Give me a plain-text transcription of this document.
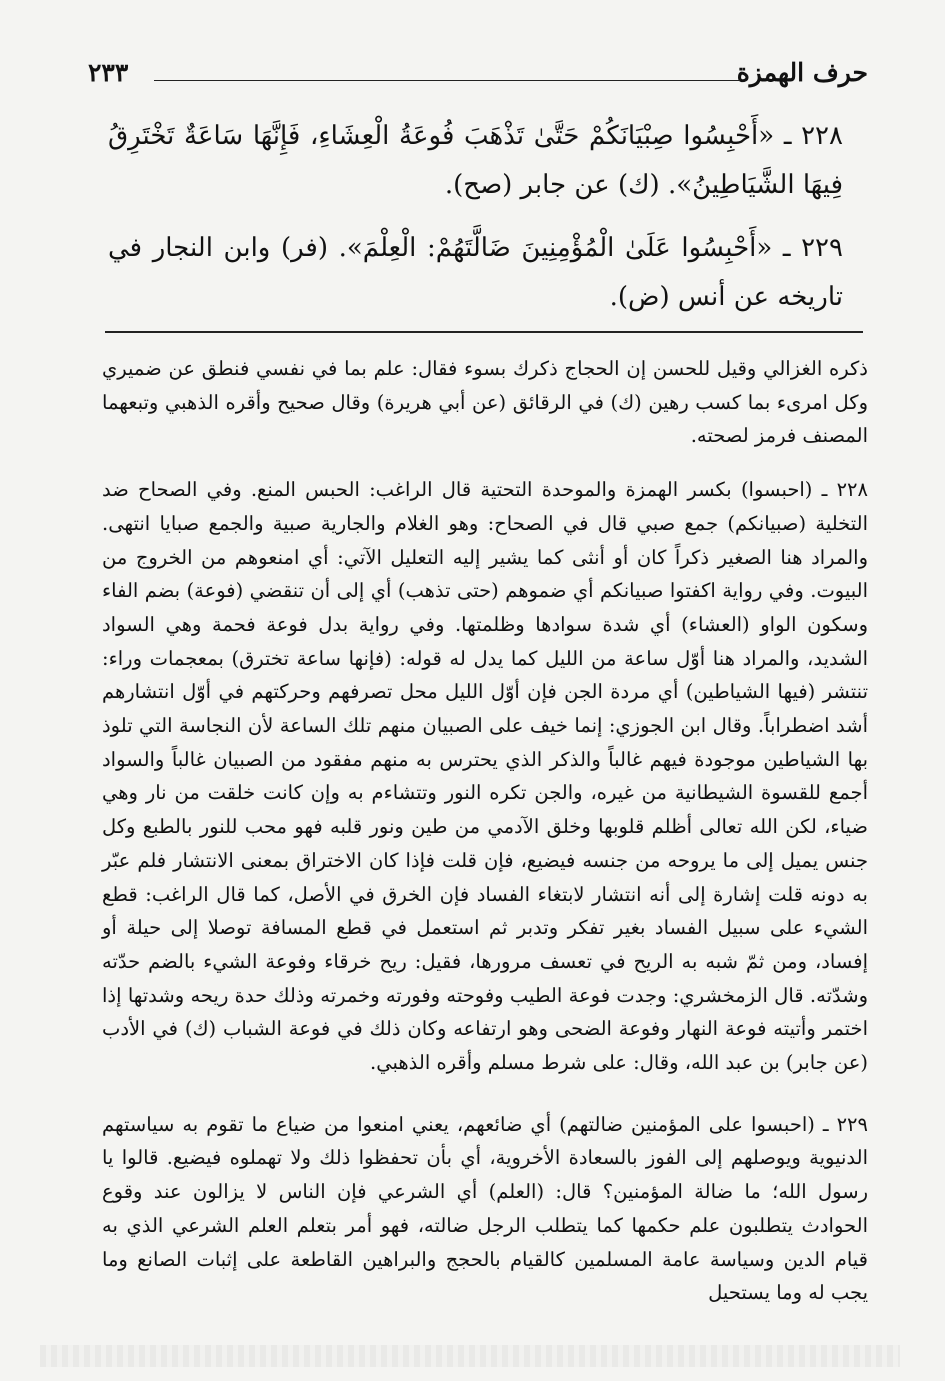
حرف الهمزة
٢٣٣

٢٢٨ ـ «أَحْبِسُوا صِبْيَانَكُمْ حَتَّىٰ تَذْهَبَ فُوعَةُ الْعِشَاءِ، فَإِنَّهَا سَاعَةٌ تَخْتَرِقُ فِيهَا الشَّيَاطِينُ». (ك) عن جابر (صح).

٢٢٩ ـ «أَحْبِسُوا عَلَىٰ الْمُؤْمِنِينَ ضَالَّتَهُمْ: الْعِلْمَ». (فر) وابن النجار في تاريخه عن أنس (ض).

ذكره الغزالي وقيل للحسن إن الحجاج ذكرك بسوء فقال: علم بما في نفسي فنطق عن ضميري وكل امرىء بما كسب رهين (ك) في الرقائق (عن أبي هريرة) وقال صحيح وأقره الذهبي وتبعهما المصنف فرمز لصحته.

٢٢٨ ـ (احبسوا) بكسر الهمزة والموحدة التحتية قال الراغب: الحبس المنع. وفي الصحاح ضد التخلية (صبيانكم) جمع صبي قال في الصحاح: وهو الغلام والجارية صبية والجمع صبايا انتهى. والمراد هنا الصغير ذكراً كان أو أنثى كما يشير إليه التعليل الآتي: أي امنعوهم من الخروج من البيوت. وفي رواية اكفتوا صبيانكم أي ضموهم (حتى تذهب) أي إلى أن تنقضي (فوعة) بضم الفاء وسكون الواو (العشاء) أي شدة سوادها وظلمتها. وفي رواية بدل فوعة فحمة وهي السواد الشديد، والمراد هنا أوّل ساعة من الليل كما يدل له قوله: (فإنها ساعة تخترق) بمعجمات وراء: تنتشر (فيها الشياطين) أي مردة الجن فإن أوّل الليل محل تصرفهم وحركتهم في أوّل انتشارهم أشد اضطراباً. وقال ابن الجوزي: إنما خيف على الصبيان منهم تلك الساعة لأن النجاسة التي تلوذ بها الشياطين موجودة فيهم غالباً والذكر الذي يحترس به منهم مفقود من الصبيان غالباً والسواد أجمع للقسوة الشيطانية من غيره، والجن تكره النور وتتشاءم به وإن كانت خلقت من نار وهي ضياء، لكن الله تعالى أظلم قلوبها وخلق الآدمي من طين ونور قلبه فهو محب للنور بالطبع وكل جنس يميل إلى ما يروحه من جنسه فيضيع، فإن قلت فإذا كان الاختراق بمعنى الانتشار فلم عبّر به دونه قلت إشارة إلى أنه انتشار لابتغاء الفساد فإن الخرق في الأصل، كما قال الراغب: قطع الشيء على سبيل الفساد بغير تفكر وتدبر ثم استعمل في قطع المسافة توصلا إلى حيلة أو إفساد، ومن ثمّ شبه به الريح في تعسف مرورها، فقيل: ريح خرقاء وفوعة الشيء بالضم حدّته وشدّته. قال الزمخشري: وجدت فوعة الطيب وفوحته وفورته وخمرته وذلك حدة ريحه وشدتها إذا اختمر وأتيته فوعة النهار وفوعة الضحى وهو ارتفاعه وكان ذلك في فوعة الشباب (ك) في الأدب (عن جابر) بن عبد الله، وقال: على شرط مسلم وأقره الذهبي.

٢٢٩ ـ (احبسوا على المؤمنين ضالتهم) أي ضائعهم، يعني امنعوا من ضياع ما تقوم به سياستهم الدنيوية ويوصلهم إلى الفوز بالسعادة الأخروية، أي بأن تحفظوا ذلك ولا تهملوه فيضيع. قالوا يا رسول الله؛ ما ضالة المؤمنين؟ قال: (العلم) أي الشرعي فإن الناس لا يزالون عند وقوع الحوادث يتطلبون علم حكمها كما يتطلب الرجل ضالته، فهو أمر بتعلم العلم الشرعي الذي به قيام الدين وسياسة عامة المسلمين كالقيام بالحجج والبراهين القاطعة على إثبات الصانع وما يجب له وما يستحيل
